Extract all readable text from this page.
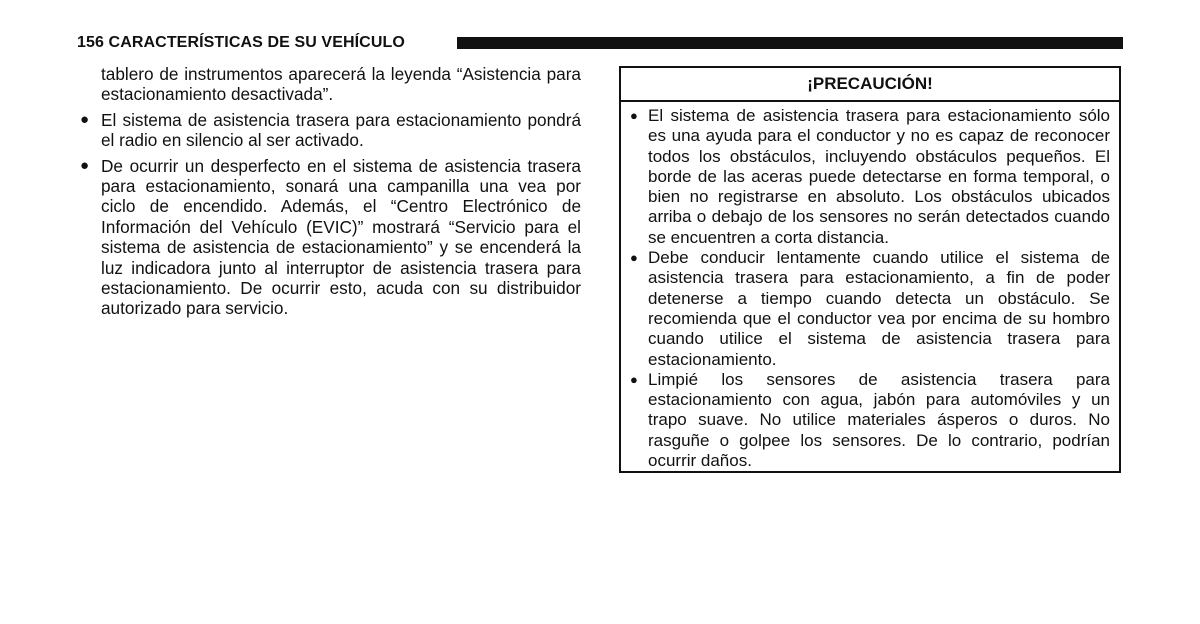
156 CARACTERÍSTICAS DE SU VEHÍCULO

tablero de instrumentos aparecerá la leyenda “Asistencia para estacionamiento desactivada”.

● El sistema de asistencia trasera para estacionamiento pondrá el radio en silencio al ser activado.
● De ocurrir un desperfecto en el sistema de asistencia trasera para estacionamiento, sonará una campanilla una vea por ciclo de encendido. Además, el “Centro Electrónico de Información del Vehículo (EVIC)” mostrará “Servicio para el sistema de asistencia de estacionamiento” y se encenderá la luz indicadora junto al interruptor de asistencia trasera para estacionamiento. De ocurrir esto, acuda con su distribuidor autorizado para servicio.
¡PRECAUCIÓN!
● El sistema de asistencia trasera para estacionamiento sólo es una ayuda para el conductor y no es capaz de reconocer todos los obstáculos, incluyendo obstáculos pequeños. El borde de las aceras puede detectarse en forma temporal, o bien no registrarse en absoluto. Los obstáculos ubicados arriba o debajo de los sensores no serán detectados cuando se encuentren a corta distancia.
● Debe conducir lentamente cuando utilice el sistema de asistencia trasera para estacionamiento, a fin de poder detenerse a tiempo cuando detecta un obstáculo. Se recomienda que el conductor vea por encima de su hombro cuando utilice el sistema de asistencia trasera para estacionamiento.
● Limpié los sensores de asistencia trasera para estacionamiento con agua, jabón para automóviles y un trapo suave. No utilice materiales ásperos o duros. No rasguñe o golpee los sensores. De lo contrario, podrían ocurrir daños.
